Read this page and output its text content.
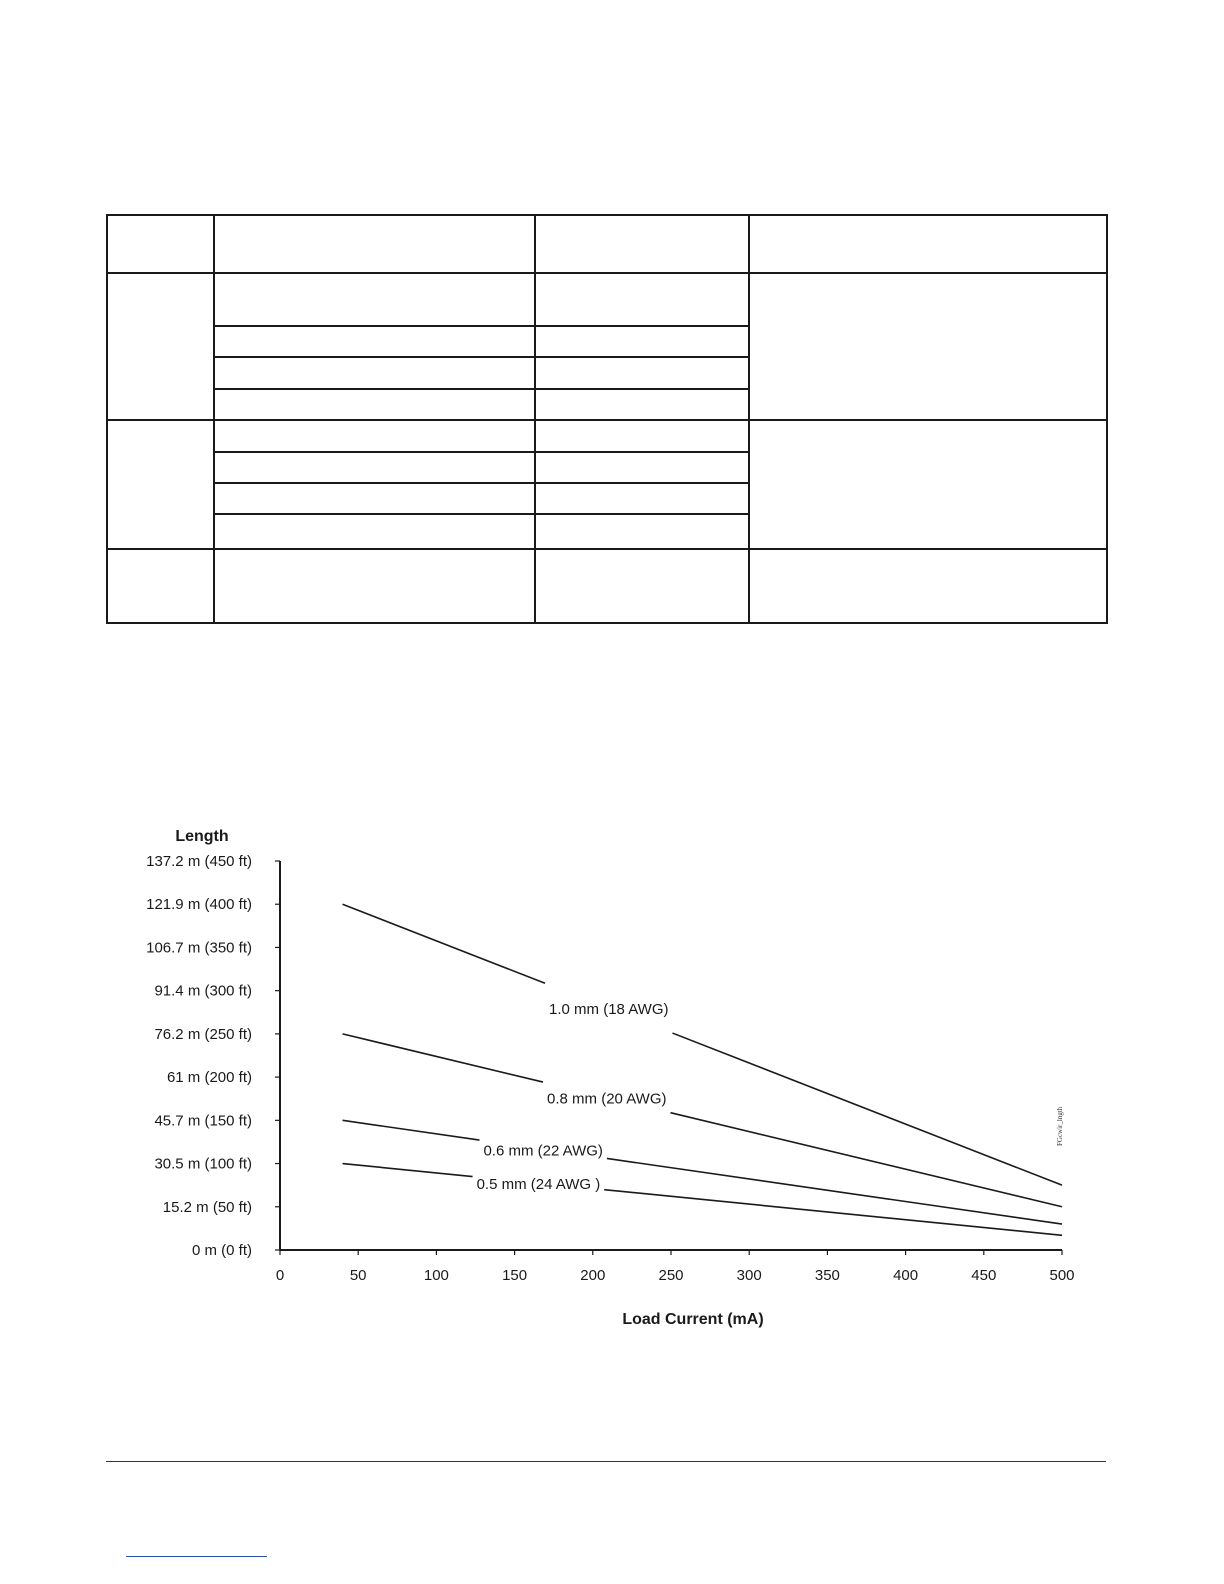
0 m (0 ft)
15.2 m (50 ft)
30.5 m (100 ft)
45.7 m (150 ft)
61 m (200 ft)
76.2 m (250 ft)
91.4 m (300 ft)
106.7 m (350 ft)
121.9 m (400 ft)
137.2 m (450 ft)
0	50	100	150	200	250	300	350	400	450	500
Length
Load Current (mA)
1.0 mm (18 AWG)
0.8 mm (20 AWG)
0.6 mm (22 AWG)
0.5 mm (24 AWG )
FGcwir_lngth
